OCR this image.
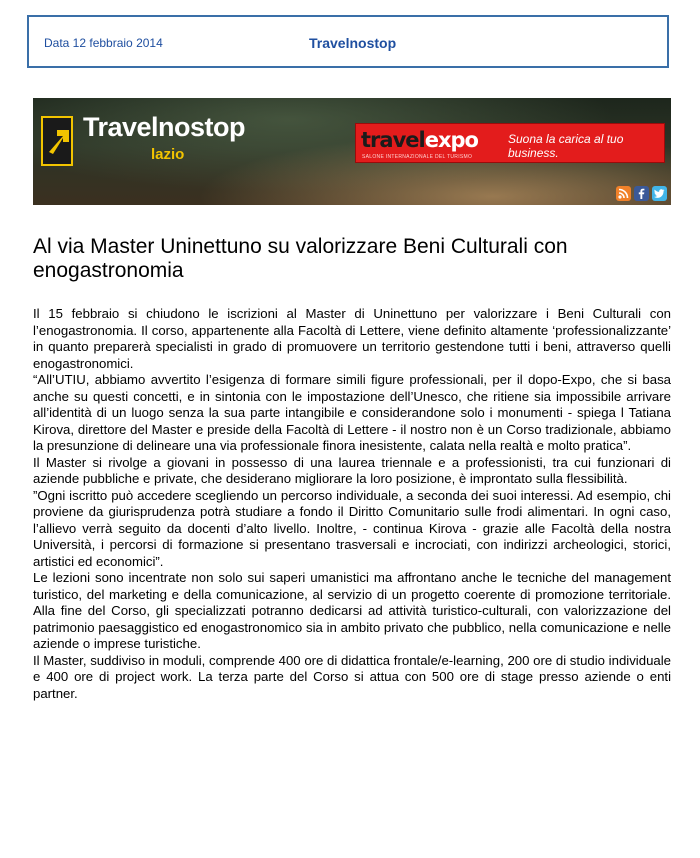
Data 12 febbraio 2014	Travelnostop
Travelnostop
lazio
travelexpo
SALONE INTERNAZIONALE DEL TURISMO
Suona la carica al tuo business.
Al via Master Uninettuno su valorizzare Beni Culturali con enogastronomia

Il 15 febbraio si chiudono le iscrizioni al Master di Uninettuno per valorizzare i Beni Culturali con l’enogastronomia. Il corso, appartenente alla Facoltà di Lettere, viene definito altamente ‘professionalizzante’ in quanto preparerà specialisti in grado di promuovere un territorio gestendone tutti i beni, attraverso quelli enogastronomici.

“All’UTIU, abbiamo avvertito l’esigenza di formare simili figure professionali, per il dopo-Expo, che si basa anche su questi concetti, e in sintonia con le impostazione dell’Unesco, che ritiene sia impossibile arrivare all’identità di un luogo senza la sua parte intangibile e considerandone solo i monumenti - spiega l Tatiana Kirova, direttore del Master e preside della Facoltà di Lettere - il nostro non è un Corso tradizionale, abbiamo la presunzione di delineare una via professionale finora inesistente, calata nella realtà e molto pratica”.

Il Master si rivolge a giovani in possesso di una laurea triennale e a professionisti, tra cui funzionari di aziende pubbliche e private, che desiderano migliorare la loro posizione, è improntato sulla flessibilità.

”Ogni iscritto può accedere scegliendo un percorso individuale, a seconda dei suoi interessi. Ad esempio, chi proviene da giurisprudenza potrà studiare a fondo il Diritto Comunitario sulle frodi alimentari. In ogni caso, l’allievo verrà seguito da docenti d’alto livello. Inoltre, - continua Kirova - grazie alle Facoltà della nostra Università, i percorsi di formazione si presentano trasversali e incrociati, con indirizzi archeologici, storici, artistici ed economici”.

Le lezioni sono incentrate non solo sui saperi umanistici ma affrontano anche le tecniche del management turistico, del marketing e della comunicazione, al servizio di un progetto coerente di promozione territoriale. Alla fine del Corso, gli specializzati potranno dedicarsi ad attività turistico-culturali, con valorizzazione del patrimonio paesaggistico ed enogastronomico sia in ambito privato che pubblico, nella comunicazione e nelle aziende o imprese turistiche.

Il Master, suddiviso in moduli, comprende 400 ore di didattica frontale/e-learning, 200 ore di studio individuale e 400 ore di project work. La terza parte del Corso si attua con 500 ore di stage presso aziende o enti partner.
